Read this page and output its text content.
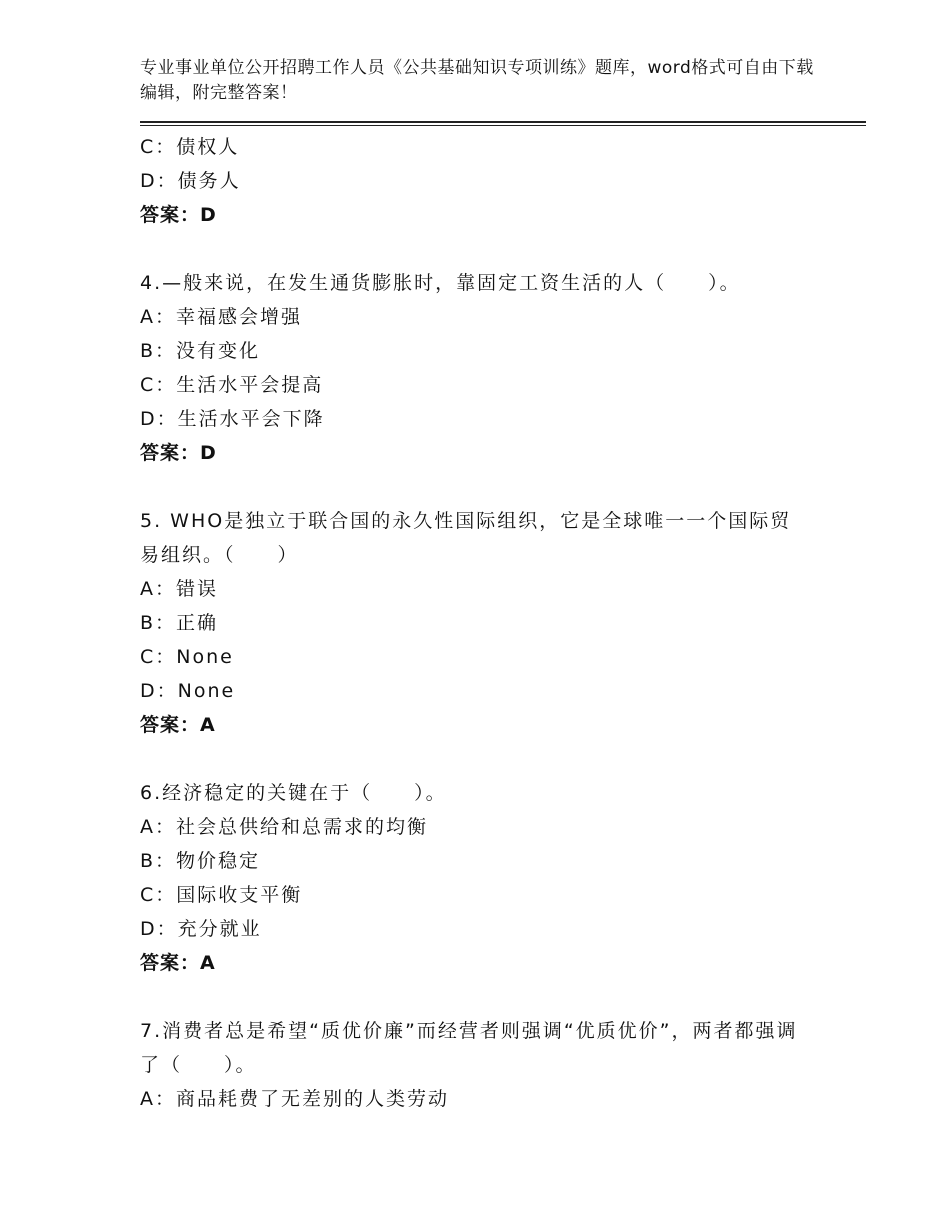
专业事业单位公开招聘工作人员《公共基础知识专项训练》题库，word格式可自由下载编辑，附完整答案！
C：债权人
D：债务人
答案：D
4.—般来说，在发生通货膨胀时，靠固定工资生活的人（　　）。
A：幸福感会增强
B：没有变化
C：生活水平会提高
D：生活水平会下降
答案：D
5. WHO是独立于联合国的永久性国际组织，它是全球唯一一个国际贸易组织。（　　）
A：错误
B：正确
C：None
D：None
答案：A
6.经济稳定的关键在于（　　）。
A：社会总供给和总需求的均衡
B：物价稳定
C：国际收支平衡
D：充分就业
答案：A
7.消费者总是希望“质优价廉”而经营者则强调“优质优价”，两者都强调了（　　）。
A：商品耗费了无差别的人类劳动
